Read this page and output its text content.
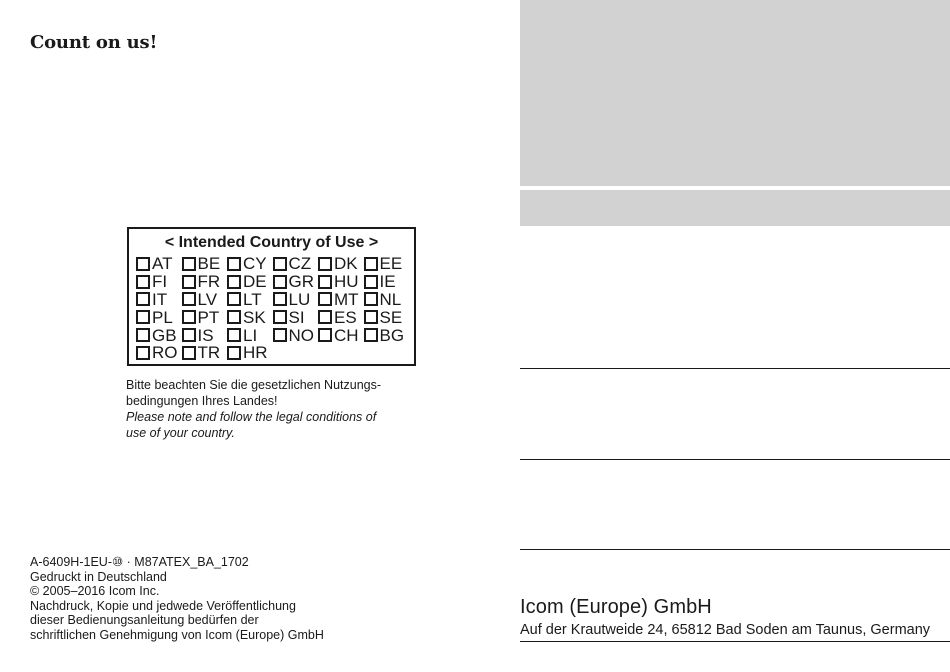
Count on us!
< Intended Country of Use >
AT BE CY CZ DK EE
FI FR DE GR HU IE
IT LV LT LU MT NL
PL PT SK SI ES SE
GB IS LI NO CH BG
RO TR HR
Bitte beachten Sie die gesetzlichen Nutzungs-
bedingungen Ihres Landes!
Please note and follow the legal conditions of
use of your country.
A-6409H-1EU-⑩ · M87ATEX_BA_1702
Gedruckt in Deutschland
© 2005–2016 Icom Inc.
Nachdruck, Kopie und jedwede Veröffentlichung
dieser Bedienungsanleitung bedürfen der
schriftlichen Genehmigung von Icom (Europe) GmbH
Icom (Europe) GmbH
Auf der Krautweide 24, 65812 Bad Soden am Taunus, Germany
